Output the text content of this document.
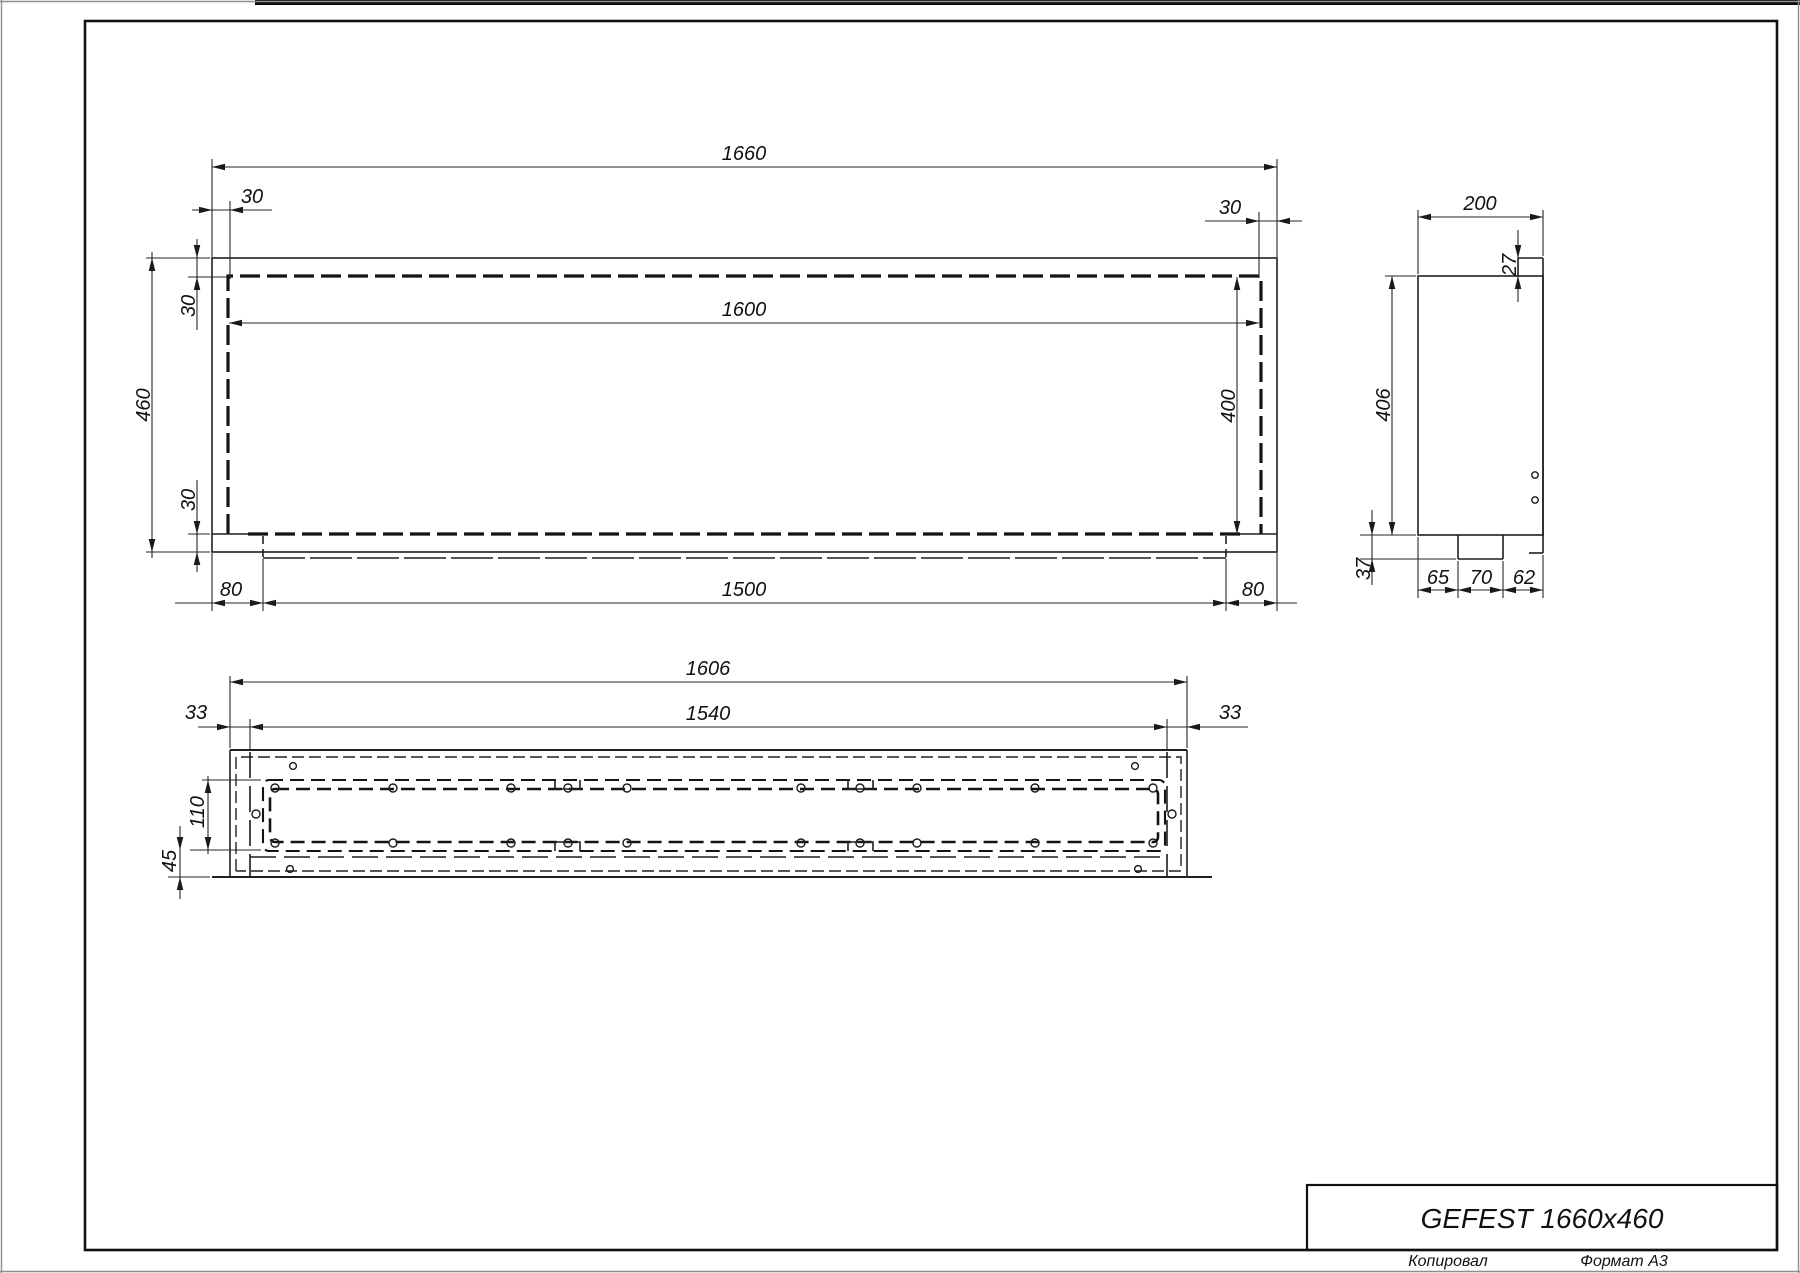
1660
1600
460	400
30	30
30
30
80	1500	80
200
27
406
37	65 70 62
1606
1540
33	33
110
45
GEFEST 1660x460
Копировал	Формат А3
